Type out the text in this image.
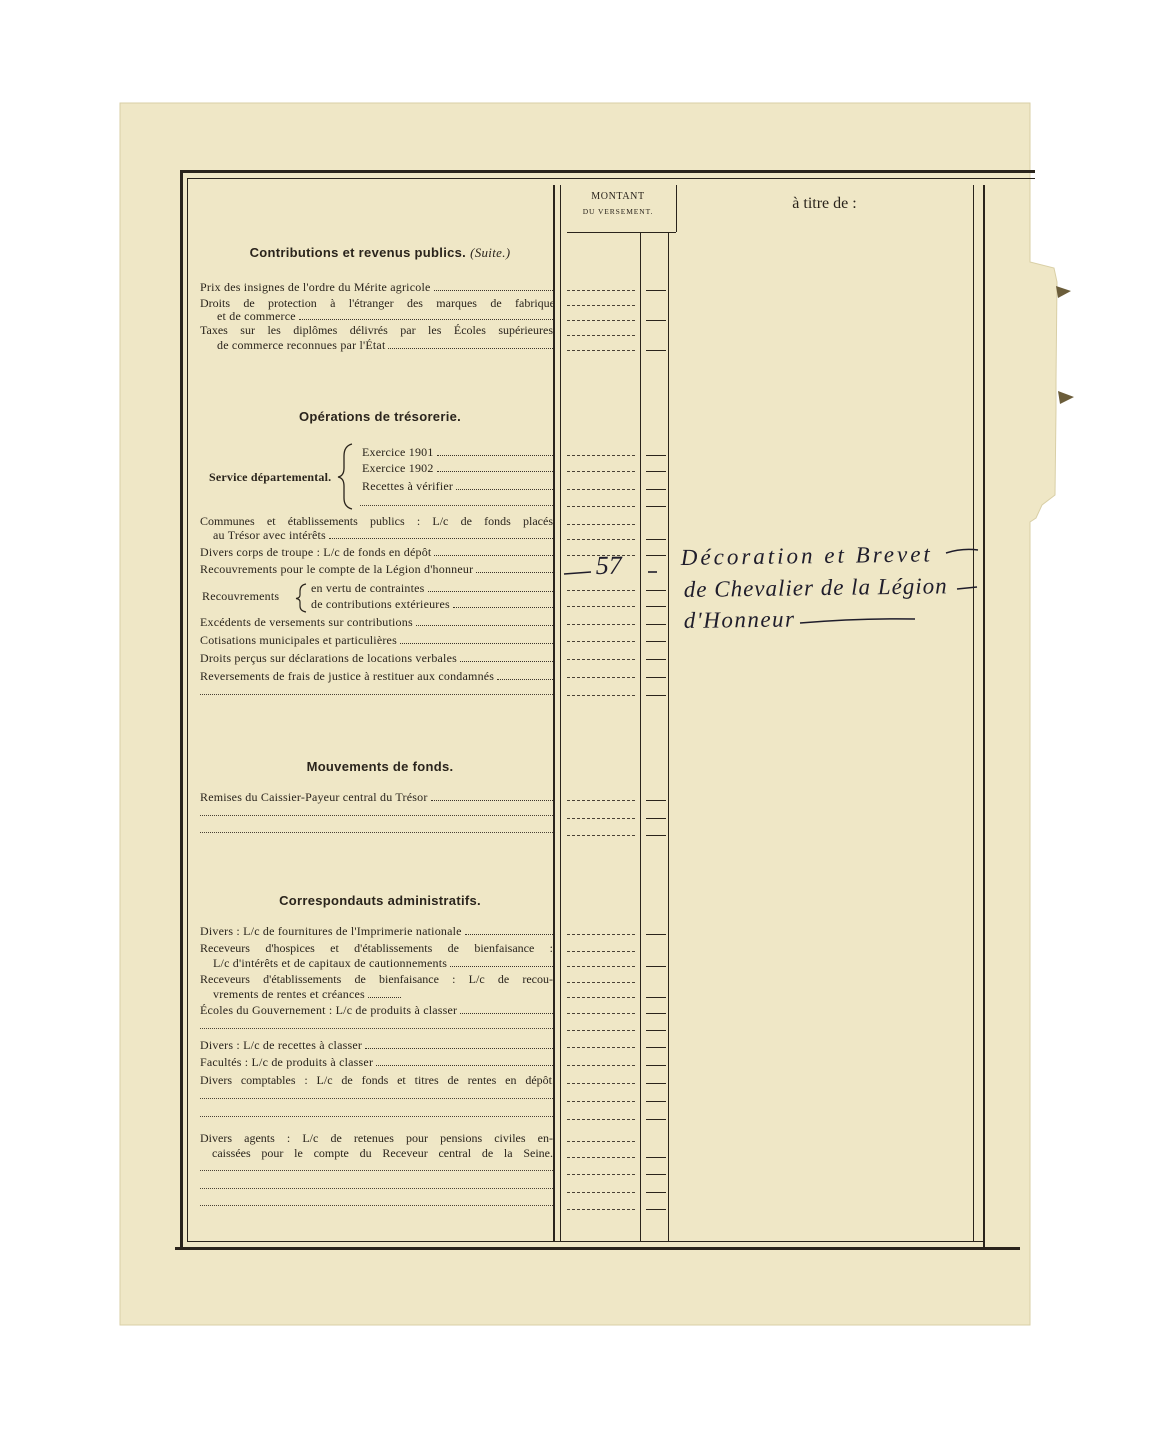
MONTANT
DU VERSEMENT.	à titre de :
Contributions et revenus publics. (Suite.)
Prix des insignes de l'ordre du Mérite agricole
Droits de protection à l'étranger des marques de fabrique
et de commerce
Taxes sur les diplômes délivrés par les Écoles supérieures
de commerce reconnues par l'État
Opérations de trésorerie.
Service départemental.
Exercice 1901
Exercice 1902
Recettes à vérifier
Communes et établissements publics : L/c de fonds placés
au Trésor avec intérêts
Divers corps de troupe : L/c de fonds en dépôt
Recouvrements pour le compte de la Légion d'honneur
Recouvrements
en vertu de contraintes
de contributions extérieures
Excédents de versements sur contributions
Cotisations municipales et particulières
Droits perçus sur déclarations de locations verbales
Reversements de frais de justice à restituer aux condamnés
Mouvements de fonds.
Remises du Caissier-Payeur central du Trésor
Correspondauts administratifs.
Divers : L/c de fournitures de l'Imprimerie nationale
Receveurs d'hospices et d'établissements de bienfaisance :
L/c d'intérêts et de capitaux de cautionnements
Receveurs d'établissements de bienfaisance : L/c de recou-
vrements de rentes et créances
Écoles du Gouvernement : L/c de produits à classer
Divers : L/c de recettes à classer
Facultés : L/c de produits à classer
Divers comptables : L/c de fonds et titres de rentes en dépôt.
Divers agents : L/c de retenues pour pensions civiles en-
caissées pour le compte du Receveur central de la Seine.
57	Décoration et Brevet
de Chevalier de la Légion
d'Honneur
